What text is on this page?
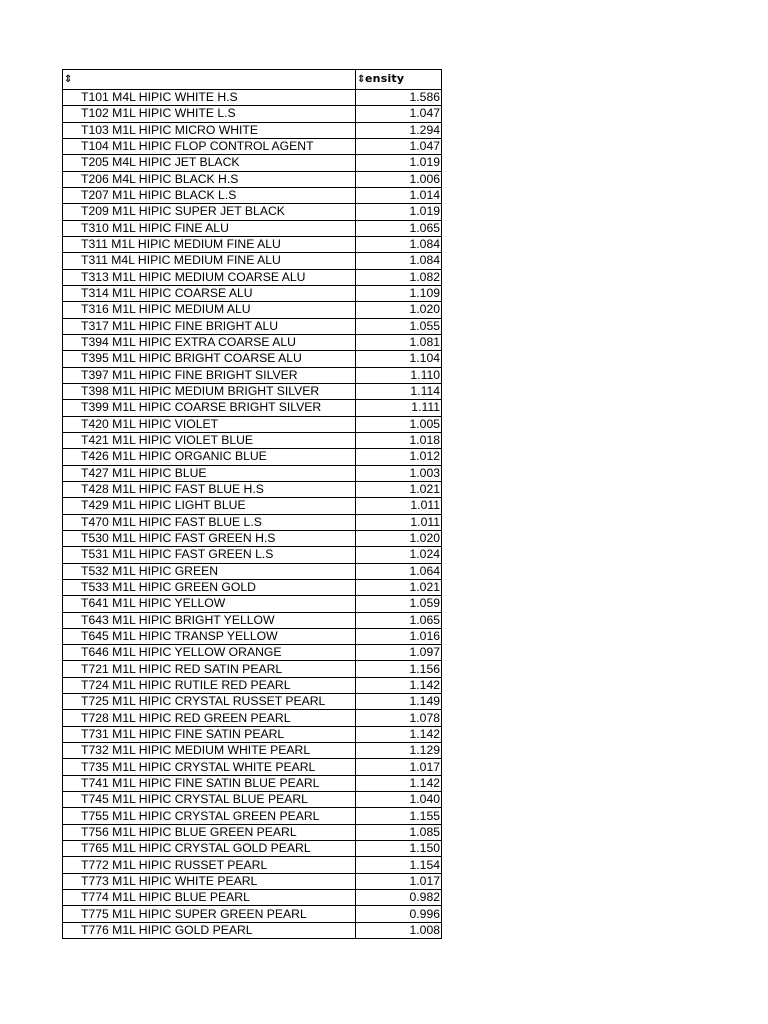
⇕	⇕ensity
T101 M4L HIPIC WHITE H.S	1.586
T102 M1L HIPIC WHITE L.S	1.047
T103 M1L HIPIC MICRO WHITE	1.294
T104 M1L HIPIC FLOP CONTROL AGENT	1.047
T205 M4L HIPIC JET BLACK	1.019
T206 M4L HIPIC BLACK H.S	1.006
T207 M1L HIPIC BLACK L.S	1.014
T209 M1L HIPIC SUPER JET BLACK	1.019
T310 M1L HIPIC FINE ALU	1.065
T311 M1L HIPIC MEDIUM FINE ALU	1.084
T311 M4L HIPIC MEDIUM FINE ALU	1.084
T313 M1L HIPIC MEDIUM COARSE ALU	1.082
T314 M1L HIPIC COARSE ALU	1.109
T316 M1L HIPIC MEDIUM ALU	1.020
T317 M1L HIPIC FINE BRIGHT ALU	1.055
T394 M1L HIPIC EXTRA COARSE ALU	1.081
T395 M1L HIPIC BRIGHT COARSE ALU	1.104
T397 M1L HIPIC FINE BRIGHT SILVER	1.110
T398 M1L HIPIC MEDIUM BRIGHT SILVER	1.114
T399 M1L HIPIC COARSE BRIGHT SILVER	1.111
T420 M1L HIPIC VIOLET	1.005
T421 M1L HIPIC VIOLET BLUE	1.018
T426 M1L HIPIC ORGANIC BLUE	1.012
T427 M1L HIPIC BLUE	1.003
T428 M1L HIPIC FAST BLUE H.S	1.021
T429 M1L HIPIC LIGHT BLUE	1.011
T470 M1L HIPIC FAST BLUE L.S	1.011
T530 M1L HIPIC FAST GREEN H.S	1.020
T531 M1L HIPIC FAST GREEN L.S	1.024
T532 M1L HIPIC GREEN	1.064
T533 M1L HIPIC GREEN GOLD	1.021
T641 M1L HIPIC YELLOW	1.059
T643 M1L HIPIC BRIGHT YELLOW	1.065
T645 M1L HIPIC TRANSP YELLOW	1.016
T646 M1L HIPIC YELLOW ORANGE	1.097
T721 M1L HIPIC RED SATIN PEARL	1.156
T724 M1L HIPIC RUTILE RED PEARL	1.142
T725 M1L HIPIC CRYSTAL RUSSET PEARL	1.149
T728 M1L HIPIC RED GREEN PEARL	1.078
T731 M1L HIPIC FINE SATIN PEARL	1.142
T732 M1L HIPIC MEDIUM WHITE PEARL	1.129
T735 M1L HIPIC CRYSTAL WHITE PEARL	1.017
T741 M1L HIPIC FINE SATIN BLUE PEARL	1.142
T745 M1L HIPIC CRYSTAL BLUE PEARL	1.040
T755 M1L HIPIC CRYSTAL GREEN PEARL	1.155
T756 M1L HIPIC BLUE GREEN PEARL	1.085
T765 M1L HIPIC CRYSTAL GOLD PEARL	1.150
T772 M1L HIPIC RUSSET PEARL	1.154
T773 M1L HIPIC WHITE PEARL	1.017
T774 M1L HIPIC BLUE PEARL	0.982
T775 M1L HIPIC SUPER GREEN PEARL	0.996
T776 M1L HIPIC GOLD PEARL	1.008
